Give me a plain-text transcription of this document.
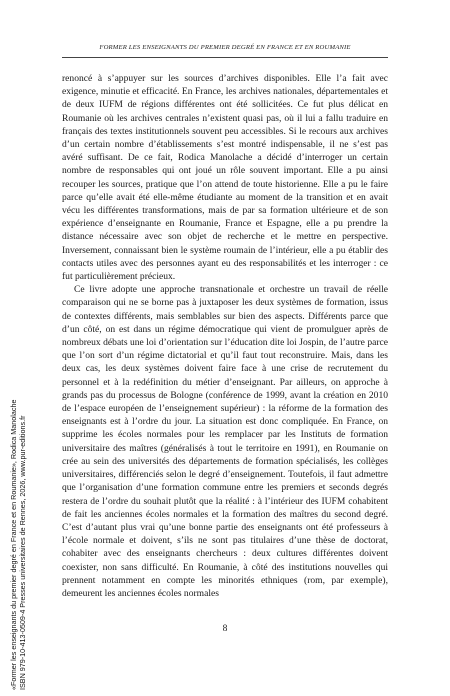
FORMER LES ENSEIGNANTS DU PREMIER DEGRÉ EN FRANCE ET EN ROUMANIE

renoncé à s’appuyer sur les sources d’archives disponibles. Elle l’a fait avec exigence, minutie et efficacité. En France, les archives nationales, départementales et de deux IUFM de régions différentes ont été sollicitées. Ce fut plus délicat en Roumanie où les archives centrales n’existent quasi pas, où il lui a fallu traduire en français des textes institutionnels souvent peu accessibles. Si le recours aux archives d’un certain nombre d’établissements s’est montré indispensable, il ne s’est pas avéré suffisant. De ce fait, Rodica Manolache a décidé d’interroger un certain nombre de responsables qui ont joué un rôle souvent important. Elle a pu ainsi recouper les sources, pratique que l’on attend de toute historienne. Elle a pu le faire parce qu’elle avait été elle-même étudiante au moment de la transition et en avait vécu les différentes transformations, mais de par sa formation ultérieure et de son expérience d’enseignante en Roumanie, France et Espagne, elle a pu prendre la distance nécessaire avec son objet de recherche et le mettre en perspective. Inversement, connaissant bien le système roumain de l’intérieur, elle a pu établir des contacts utiles avec des personnes ayant eu des responsabilités et les interroger : ce fut particulièrement précieux.

Ce livre adopte une approche transnationale et orchestre un travail de réelle comparaison qui ne se borne pas à juxtaposer les deux systèmes de formation, issus de contextes différents, mais semblables sur bien des aspects. Différents parce que d’un côté, on est dans un régime démocratique qui vient de promulguer après de nombreux débats une loi d’orientation sur l’éducation dite loi Jospin, de l’autre parce que l’on sort d’un régime dictatorial et qu’il faut tout reconstruire. Mais, dans les deux cas, les deux systèmes doivent faire face à une crise de recrutement du personnel et à la redéfinition du métier d’enseignant. Par ailleurs, on approche à grands pas du processus de Bologne (conférence de 1999, avant la création en 2010 de l’espace européen de l’enseignement supérieur) : la réforme de la formation des enseignants est à l’ordre du jour. La situation est donc compliquée. En France, on supprime les écoles normales pour les remplacer par les Instituts de formation universitaire des maîtres (généralisés à tout le territoire en 1991), en Roumanie on crée au sein des universités des départements de formation spécialisés, les collèges universitaires, différenciés selon le degré d’enseignement. Toutefois, il faut admettre que l’organisation d’une formation commune entre les premiers et seconds degrés restera de l’ordre du souhait plutôt que la réalité : à l’intérieur des IUFM cohabitent de fait les anciennes écoles normales et la formation des maîtres du second degré. C’est d’autant plus vrai qu’une bonne partie des enseignants ont été professeurs à l’école normale et doivent, s’ils ne sont pas titulaires d’une thèse de doctorat, cohabiter avec des enseignants chercheurs : deux cultures différentes doivent coexister, non sans difficulté. En Roumanie, à côté des institutions nouvelles qui prennent notamment en compte les minorités ethniques (rom, par exemple), demeurent les anciennes écoles normales

8
«Former les enseignants du premier degré en France et en Roumanie», Rodica Manolache ISBN 979-10-413-0509-4 Presses universitaires de Rennes, 2026, www.pur-editions.fr
